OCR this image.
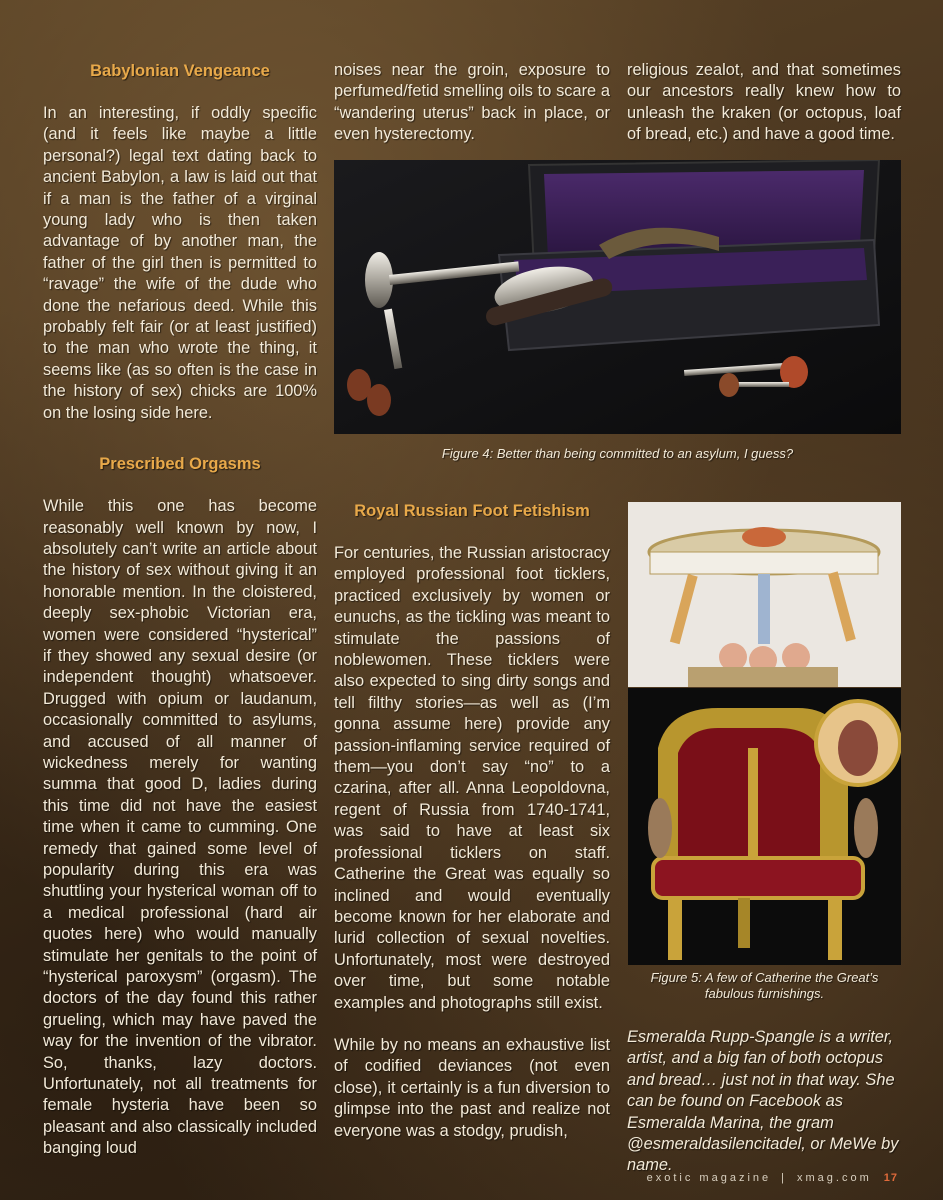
Babylonian Vengeance

In an interesting, if oddly specific (and it feels like maybe a little personal?) legal text dating back to ancient Babylon, a law is laid out that if a man is the father of a virginal young lady who is then taken advantage of by another man, the father of the girl then is permitted to “ravage” the wife of the dude who done the nefarious deed. While this probably felt fair (or at least justified) to the man who wrote the thing, it seems like (as so often is the case in the history of sex) chicks are 100% on the losing side here.

Prescribed Orgasms

While this one has become reasonably well known by now, I absolutely can’t write an article about the history of sex without giving it an honorable mention. In the cloistered, deeply sex-phobic Victorian era, women were considered “hysterical” if they showed any sexual desire (or independent thought) whatsoever. Drugged with opium or laudanum, occasionally committed to asylums, and accused of all manner of wickedness merely for wanting summa that good D, ladies during this time did not have the easiest time when it came to cumming. One remedy that gained some level of popularity during this era was shuttling your hysterical woman off to a medical professional (hard air quotes here) who would manually stimulate her genitals to the point of “hysterical paroxysm” (orgasm). The doctors of the day found this rather grueling, which may have paved the way for the invention of the vibrator. So, thanks, lazy doctors. Unfortunately, not all treatments for female hysteria have been so pleasant and also classically included banging loud

noises near the groin, exposure to perfumed/fetid smelling oils to scare a “wandering uterus” back in place, or even hysterectomy.

Royal Russian Foot Fetishism

For centuries, the Russian aristocracy employed professional foot ticklers, practiced exclusively by women or eunuchs, as the tickling was meant to stimulate the passions of noblewomen. These ticklers were also expected to sing dirty songs and tell filthy stories—as well as (I’m gonna assume here) provide any passion-inflaming service required of them—you don’t say “no” to a czarina, after all. Anna Leopoldovna, regent of Russia from 1740-1741, was said to have at least six professional ticklers on staff. Catherine the Great was equally so inclined and would eventually become known for her elaborate and lurid collection of sexual novelties. Unfortunately, most were destroyed over time, but some notable examples and photographs still exist.

While by no means an exhaustive list of codified deviances (not even close), it certainly is a fun diversion to glimpse into the past and realize not everyone was a stodgy, prudish,

religious zealot, and that sometimes our ancestors really knew how to unleash the kraken (or octopus, loaf of bread, etc.) and have a good time.

Figure 4: Better than being committed to an asylum, I guess?
Figure 5: A few of Catherine the Great’s fabulous furnishings.

Esmeralda Rupp-Spangle is a writer, artist, and a big fan of both octopus and bread… just not in that way. She can be found on Facebook as Esmeralda Marina, the gram @esmeraldasilencitadel, or MeWe by name.

exotic magazine | xmag.com 17
